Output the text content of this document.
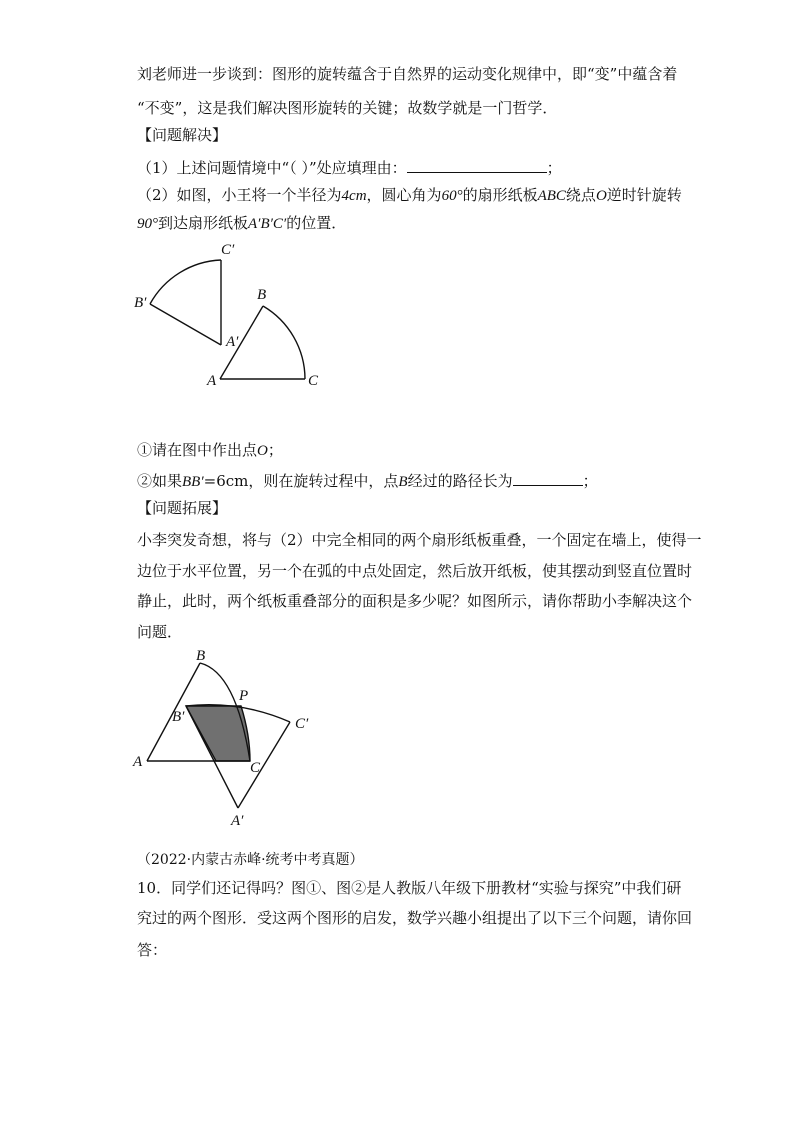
刘老师进一步谈到：图形的旋转蕴含于自然界的运动变化规律中，即“变”中蕴含着
“不变”，这是我们解决图形旋转的关键；故数学就是一门哲学．
【问题解决】
（1）上述问题情境中“（ ）”处应填理由：	；
（2）如图，小王将一个半径为4cm，圆心角为60°的扇形纸板ABC绕点O逆时针旋转
90°到达扇形纸板A′B′C′的位置．
C′
B′
A′
B
A	C
①请在图中作出点O；
②如果BB′=6cm，则在旋转过程中，点B经过的路径长为	；
【问题拓展】
小李突发奇想，将与（2）中完全相同的两个扇形纸板重叠，一个固定在墙上，使得一
边位于水平位置，另一个在弧的中点处固定，然后放开纸板，使其摆动到竖直位置时
静止，此时，两个纸板重叠部分的面积是多少呢？如图所示，请你帮助小李解决这个
问题．
B
P
B′	C′
A	C
A′
（2022·内蒙古赤峰·统考中考真题）
10．同学们还记得吗？图①、图②是人教版八年级下册教材“实验与探究”中我们研
究过的两个图形．受这两个图形的启发，数学兴趣小组提出了以下三个问题，请你回
答：
